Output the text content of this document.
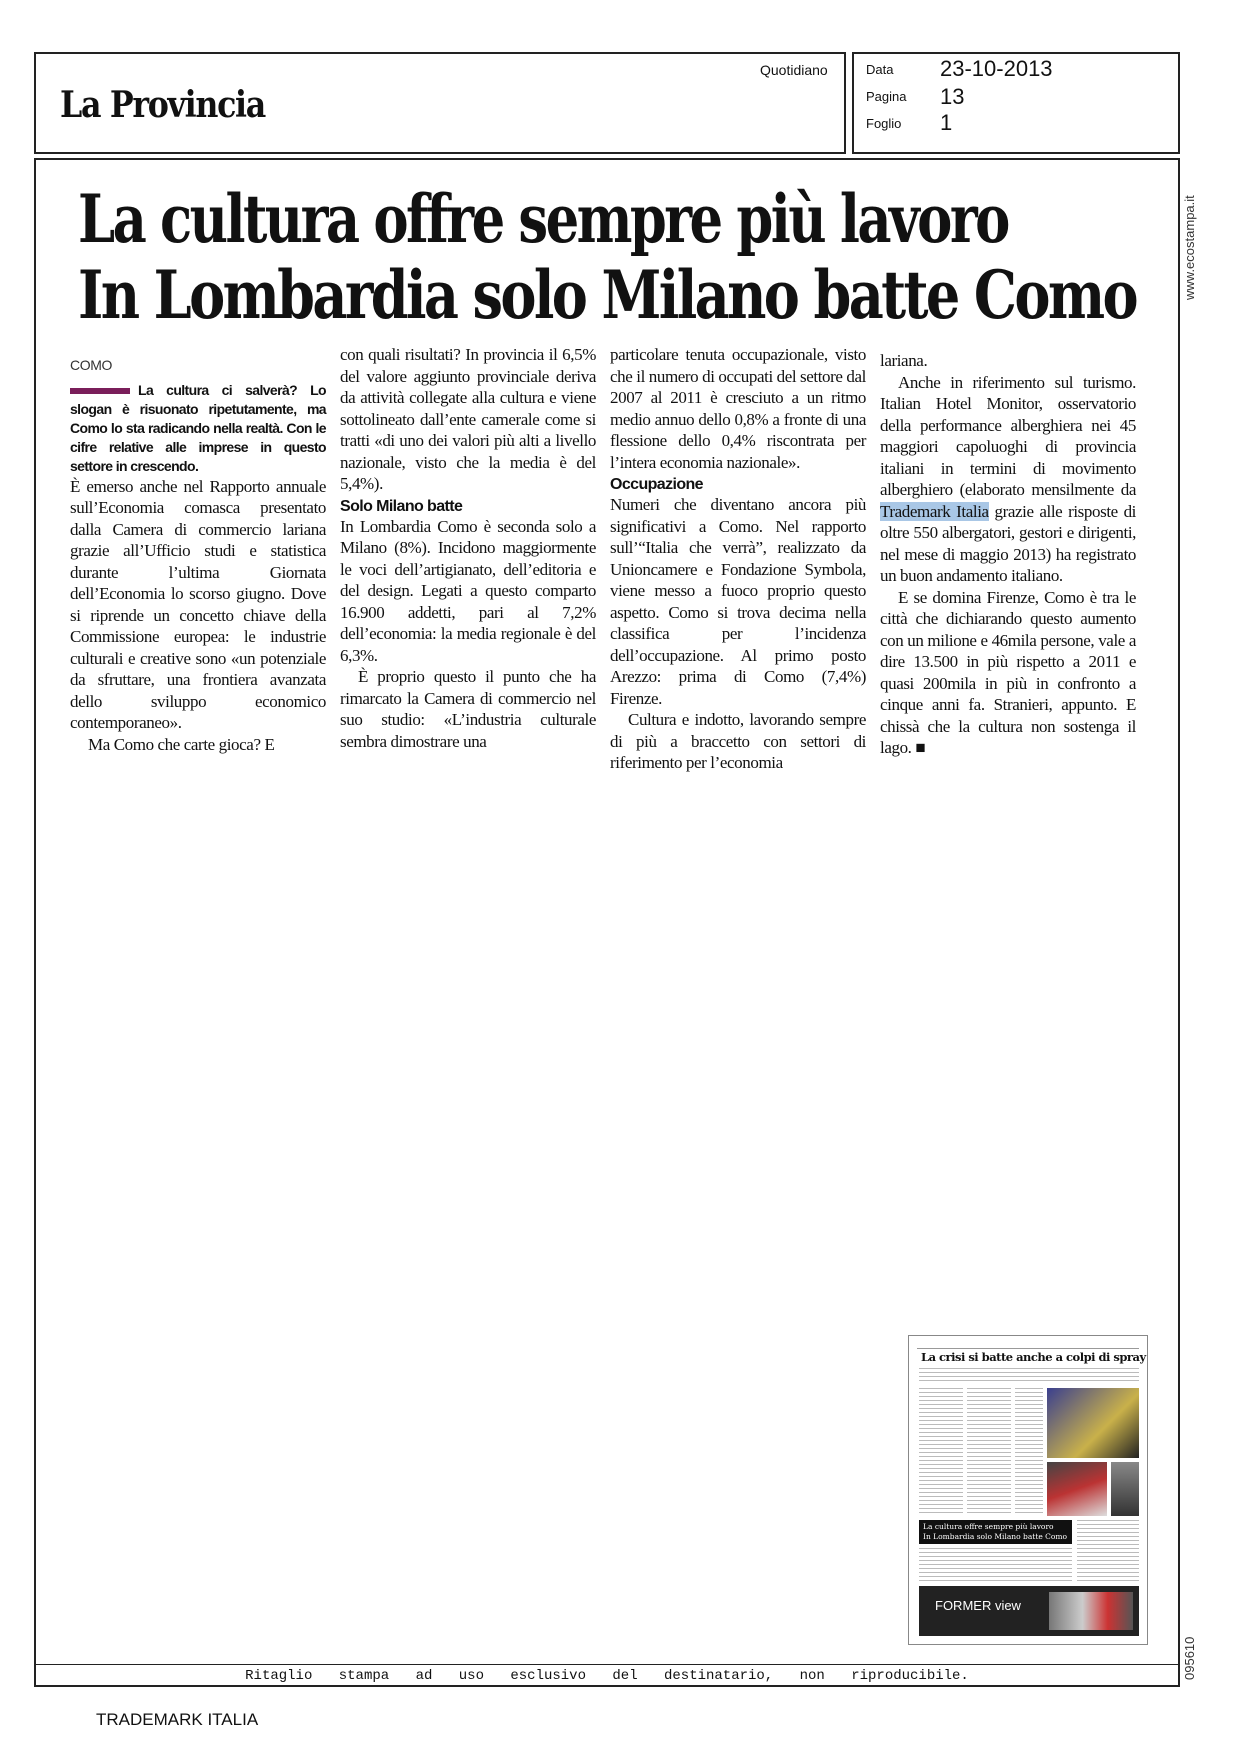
La Provincia
Quotidiano	Data 23-10-2013
Pagina 13
Foglio 1
www.ecostampa.it
095610
La cultura offre sempre più lavoro
In Lombardia solo Milano batte Como
COMO
La cultura ci salverà? Lo slogan è risuonato ripetutamente, ma Como lo sta radicando nella realtà. Con le cifre relative alle imprese in questo settore in crescendo.

È emerso anche nel Rapporto annuale sull’Economia comasca presentato dalla Camera di commercio lariana grazie all’Ufficio studi e statistica durante l’ultima Giornata dell’Economia lo scorso giugno. Dove si riprende un concetto chiave della Commissione europea: le industrie culturali e creative sono «un potenziale da sfruttare, una frontiera avanzata dello sviluppo economico contemporaneo».

Ma Como che carte gioca? E

con quali risultati? In provincia il 6,5% del valore aggiunto provinciale deriva da attività collegate alla cultura e viene sottolineato dall’ente camerale come si tratti «di uno dei valori più alti a livello nazionale, visto che la media è del 5,4%).

Solo Milano batte

In Lombardia Como è seconda solo a Milano (8%). Incidono maggiormente le voci dell’artigianato, dell’editoria e del design. Legati a questo comparto 16.900 addetti, pari al 7,2% dell’economia: la media regionale è del 6,3%.

È proprio questo il punto che ha rimarcato la Camera di commercio nel suo studio: «L’industria culturale sembra dimostrare una

particolare tenuta occupazionale, visto che il numero di occupati del settore dal 2007 al 2011 è cresciuto a un ritmo medio annuo dello 0,8% a fronte di una flessione dello 0,4% riscontrata per l’intera economia nazionale».

Occupazione

Numeri che diventano ancora più significativi a Como. Nel rapporto sull’“Italia che verrà”, realizzato da Unioncamere e Fondazione Symbola, viene messo a fuoco proprio questo aspetto. Como si trova decima nella classifica per l’incidenza dell’occupazione. Al primo posto Arezzo: prima di Como (7,4%) Firenze.

Cultura e indotto, lavorando sempre di più a braccetto con settori di riferimento per l’economia

lariana.

Anche in riferimento sul turismo. Italian Hotel Monitor, osservatorio della performance alberghiera nei 45 maggiori capoluoghi di provincia italiani in termini di movimento alberghiero (elaborato mensilmente da Trademark Italia grazie alle risposte di oltre 550 albergatori, gestori e dirigenti, nel mese di maggio 2013) ha registrato un buon andamento italiano.

E se domina Firenze, Como è tra le città che dichiarando questo aumento con un milione e 46mila persone, vale a dire 13.500 in più rispetto a 2011 e quasi 200mila in più in confronto a cinque anni fa. Stranieri, appunto. E chissà che la cultura non sostenga il lago. ■

La crisi si batte anche a colpi di spray
La cultura offre sempre più lavoro
In Lombardia solo Milano batte Como
FORMER view
Ritaglio stampa ad uso esclusivo del destinatario, non riproducibile.
TRADEMARK ITALIA
